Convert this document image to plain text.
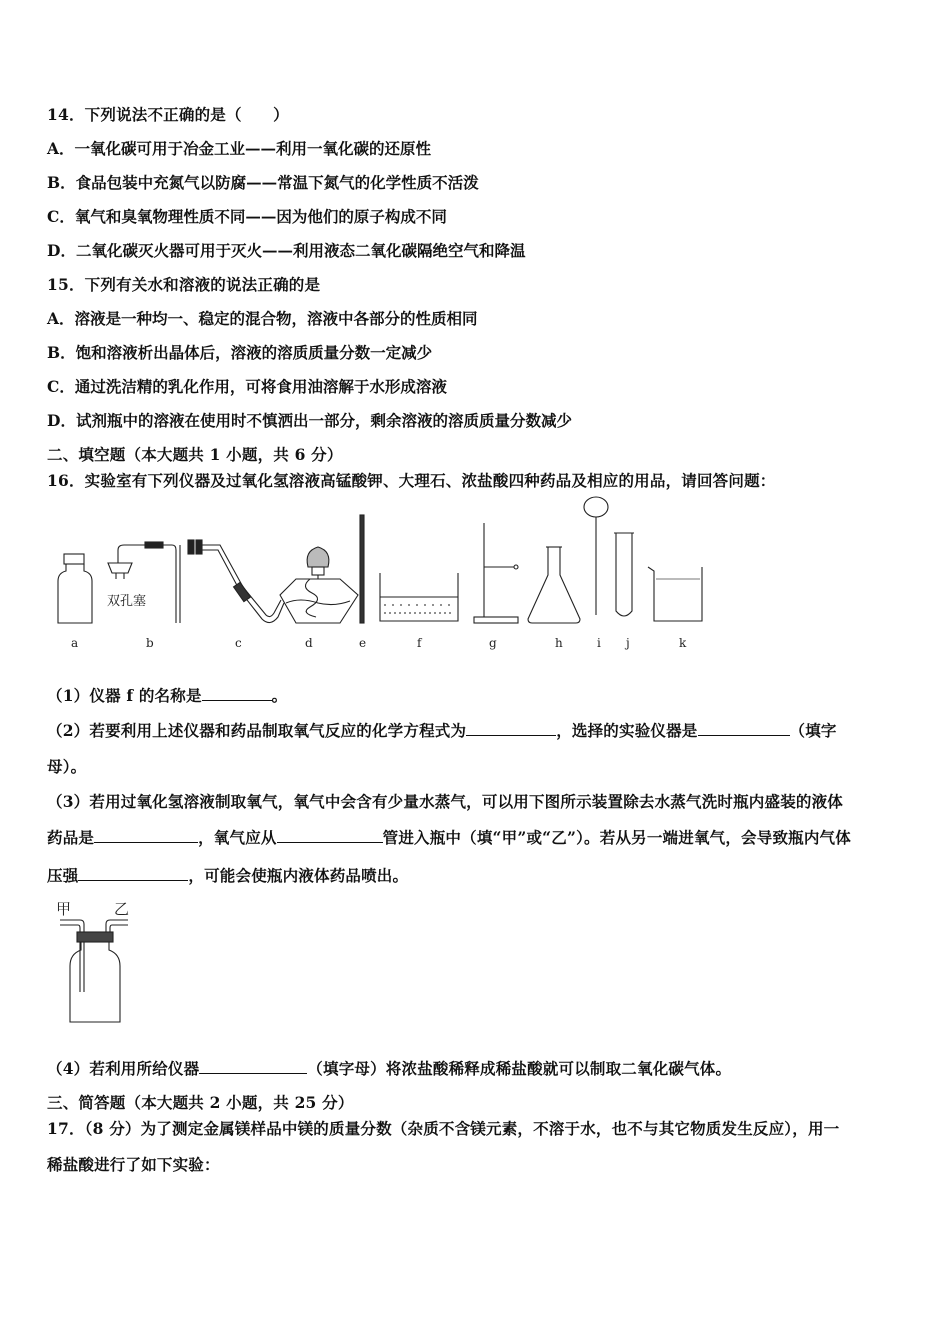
14．下列说法不正确的是（　　）
A．一氧化碳可用于冶金工业——利用一氧化碳的还原性
B．食品包装中充氮气以防腐——常温下氮气的化学性质不活泼
C．氧气和臭氧物理性质不同——因为他们的原子构成不同
D．二氧化碳灭火器可用于灭火——利用液态二氧化碳隔绝空气和降温
15．下列有关水和溶液的说法正确的是
A．溶液是一种均一、稳定的混合物，溶液中各部分的性质相同
B．饱和溶液析出晶体后，溶液的溶质质量分数一定减少
C．通过洗洁精的乳化作用，可将食用油溶解于水形成溶液
D．试剂瓶中的溶液在使用时不慎洒出一部分，剩余溶液的溶质质量分数减少
二、填空题（本大题共 1 小题，共 6 分）
16．实验室有下列仪器及过氧化氢溶液高锰酸钾、大理石、浓盐酸四种药品及相应的用品，请回答问题：
双孔塞
a	b	c	d	e	f	g	h	i j	k
（1）仪器 f 的名称是	。
（2）若要利用上述仪器和药品制取氧气反应的化学方程式为	，选择的实验仪器是	（填字
母）。
（3）若用过氧化氢溶液制取氧气，氧气中会含有少量水蒸气，可以用下图所示装置除去水蒸气洗时瓶内盛装的液体
药品是	，氧气应从	管进入瓶中（填“甲”或“乙”）。若从另一端进氧气，会导致瓶内气体
压强	，可能会使瓶内液体药品喷出。
甲	乙
（4）若利用所给仪器	（填字母）将浓盐酸稀释成稀盐酸就可以制取二氧化碳气体。
三、简答题（本大题共 2 小题，共 25 分）
17．（8 分）为了测定金属镁样品中镁的质量分数（杂质不含镁元素，不溶于水，也不与其它物质发生反应），用一
稀盐酸进行了如下实验：
